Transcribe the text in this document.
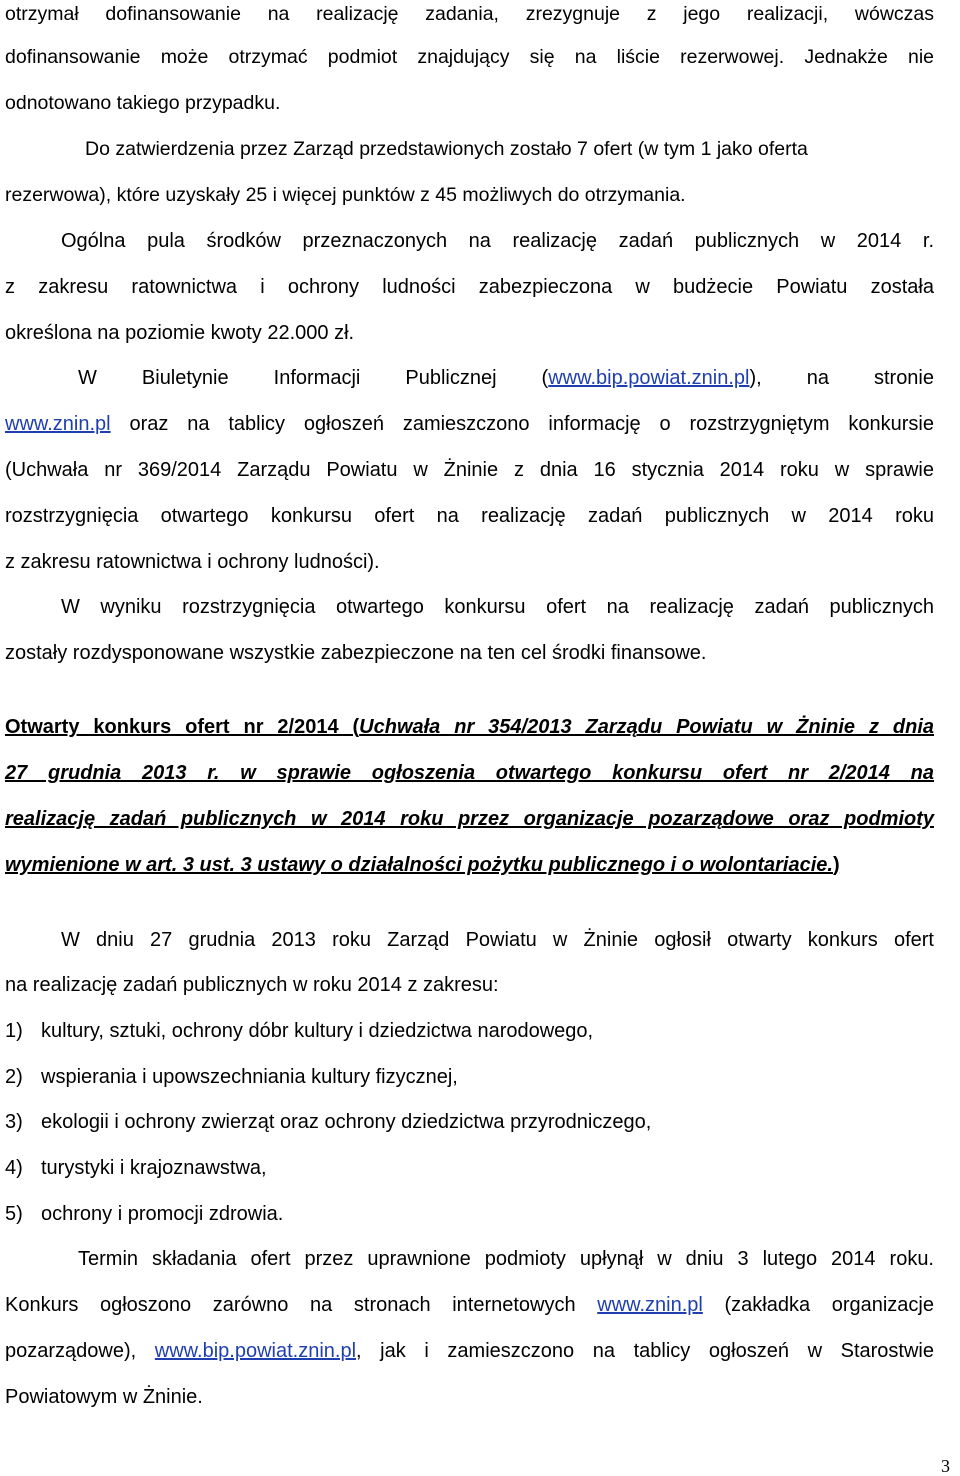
otrzymał dofinansowanie na realizację zadania, zrezygnuje z jego realizacji, wówczas
dofinansowanie może otrzymać podmiot znajdujący się na liście rezerwowej. Jednakże nie
odnotowano takiego przypadku.
Do zatwierdzenia przez Zarząd przedstawionych zostało 7 ofert (w tym 1 jako oferta
rezerwowa), które uzyskały 25 i więcej punktów z 45 możliwych do otrzymania.
Ogólna pula środków przeznaczonych na realizację zadań publicznych w 2014 r.
z zakresu ratownictwa i ochrony ludności zabezpieczona w budżecie Powiatu została
określona na poziomie kwoty 22.000 zł.
W Biuletynie Informacji Publicznej (www.bip.powiat.znin.pl), na stronie
www.znin.pl oraz na tablicy ogłoszeń zamieszczono informację o rozstrzygniętym konkursie
(Uchwała nr 369/2014 Zarządu Powiatu w Żninie z dnia 16 stycznia 2014 roku w sprawie
rozstrzygnięcia otwartego konkursu ofert na realizację zadań publicznych w 2014 roku
z zakresu ratownictwa i ochrony ludności).
W wyniku rozstrzygnięcia otwartego konkursu ofert na realizację zadań publicznych
zostały rozdysponowane wszystkie zabezpieczone na ten cel środki finansowe.
Otwarty konkurs ofert nr 2/2014 (Uchwała nr 354/2013 Zarządu Powiatu w Żninie z dnia
27 grudnia 2013 r. w sprawie ogłoszenia otwartego konkursu ofert nr 2/2014 na
realizację zadań publicznych w 2014 roku przez organizacje pozarządowe oraz podmioty
wymienione w art. 3 ust. 3 ustawy o działalności pożytku publicznego i o wolontariacie.)
W dniu 27 grudnia 2013 roku Zarząd Powiatu w Żninie ogłosił otwarty konkurs ofert
na realizację zadań publicznych w roku 2014 z zakresu:
1) kultury, sztuki, ochrony dóbr kultury i dziedzictwa narodowego,
2) wspierania i upowszechniania kultury fizycznej,
3) ekologii i ochrony zwierząt oraz ochrony dziedzictwa przyrodniczego,
4) turystyki i krajoznawstwa,
5) ochrony i promocji zdrowia.
Termin składania ofert przez uprawnione podmioty upłynął w dniu 3 lutego 2014 roku.
Konkurs ogłoszono zarówno na stronach internetowych www.znin.pl (zakładka organizacje
pozarządowe), www.bip.powiat.znin.pl, jak i zamieszczono na tablicy ogłoszeń w Starostwie
Powiatowym w Żninie.
3
